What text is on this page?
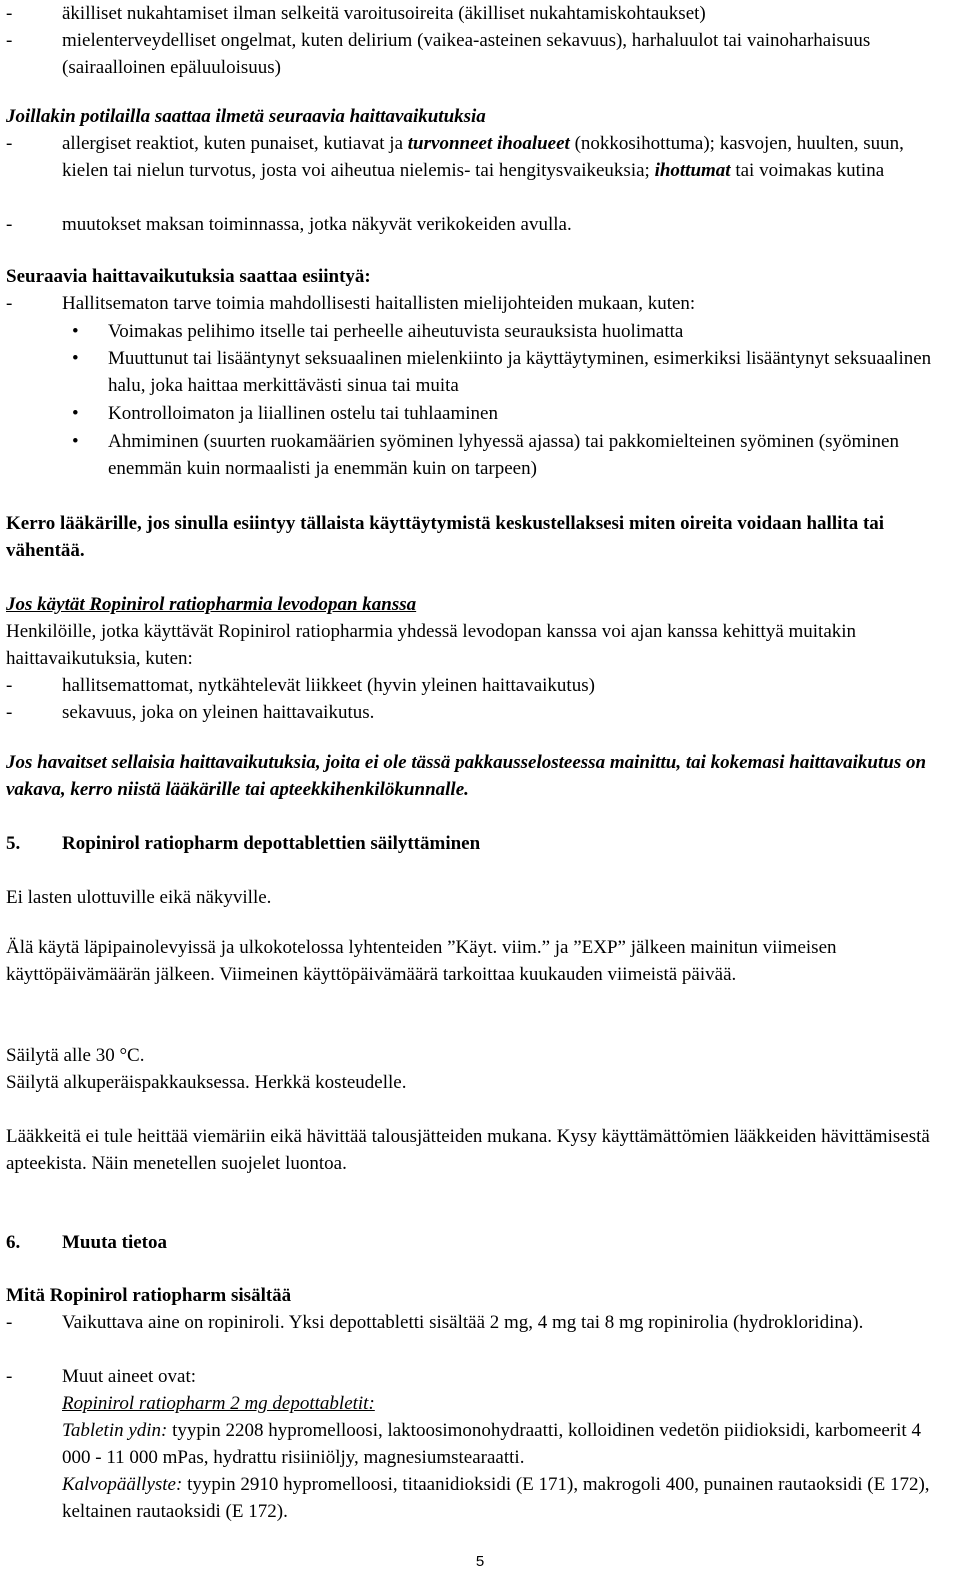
-	äkilliset nukahtamiset ilman selkeitä varoitusoireita (äkilliset nukahtamiskohtaukset)
-	mielenterveydelliset ongelmat, kuten delirium (vaikea-asteinen sekavuus), harhaluulot tai vainoharhaisuus (sairaalloinen epäluuloisuus)
Joillakin potilailla saattaa ilmetä seuraavia haittavaikutuksia
-	allergiset reaktiot, kuten punaiset, kutiavat ja turvonneet ihoalueet (nokkosihottuma); kasvojen, huulten, suun, kielen tai nielun turvotus, josta voi aiheutua nielemis- tai hengitysvaikeuksia; ihottumat tai voimakas kutina
-	muutokset maksan toiminnassa, jotka näkyvät verikokeiden avulla.
Seuraavia haittavaikutuksia saattaa esiintyä:
-	Hallitsematon tarve toimia mahdollisesti haitallisten mielijohteiden mukaan, kuten:
•	Voimakas pelihimo itselle tai perheelle aiheutuvista seurauksista huolimatta
•	Muuttunut tai lisääntynyt seksuaalinen mielenkiinto ja käyttäytyminen, esimerkiksi lisääntynyt seksuaalinen halu, joka haittaa merkittävästi sinua tai muita
•	Kontrolloimaton ja liiallinen ostelu tai tuhlaaminen
•	Ahmiminen (suurten ruokamäärien syöminen lyhyessä ajassa) tai pakkomielteinen syöminen (syöminen enemmän kuin normaalisti ja enemmän kuin on tarpeen)
Kerro lääkärille, jos sinulla esiintyy tällaista käyttäytymistä keskustellaksesi miten oireita voidaan hallita tai vähentää.
Jos käytät Ropinirol ratiopharmia levodopan kanssa
Henkilöille, jotka käyttävät Ropinirol ratiopharmia yhdessä levodopan kanssa voi ajan kanssa kehittyä muitakin haittavaikutuksia, kuten:
-	hallitsemattomat, nytkähtelevät liikkeet (hyvin yleinen haittavaikutus)
-	sekavuus, joka on yleinen haittavaikutus.
Jos havaitset sellaisia haittavaikutuksia, joita ei ole tässä pakkausselosteessa mainittu, tai kokemasi haittavaikutus on vakava, kerro niistä lääkärille tai apteekkihenkilökunnalle.
5.	Ropinirol ratiopharm depottablettien säilyttäminen
Ei lasten ulottuville eikä näkyville.
Älä käytä läpipainolevyissä ja ulkokotelossa lyhtenteiden ”Käyt. viim.” ja ”EXP” jälkeen mainitun viimeisen käyttöpäivämäärän jälkeen. Viimeinen käyttöpäivämäärä tarkoittaa kuukauden viimeistä päivää.
Säilytä alle 30 °C.
Säilytä alkuperäispakkauksessa. Herkkä kosteudelle.
Lääkkeitä ei tule heittää viemäriin eikä hävittää talousjätteiden mukana. Kysy käyttämättömien lääkkeiden hävittämisestä apteekista. Näin menetellen suojelet luontoa.
6.	Muuta tietoa
Mitä Ropinirol ratiopharm sisältää
-	Vaikuttava aine on ropiniroli. Yksi depottabletti sisältää 2 mg, 4 mg tai 8 mg ropinirolia (hydrokloridina).
-	Muut aineet ovat:
Ropinirol ratiopharm 2 mg depottabletit:
Tabletin ydin: tyypin 2208 hypromelloosi, laktoosimonohydraatti, kolloidinen vedetön piidioksidi, karbomeerit 4 000 - 11 000 mPas, hydrattu risiiniöljy, magnesiumstearaatti.
Kalvopäällyste: tyypin 2910 hypromelloosi, titaanidioksidi (E 171), makrogoli 400, punainen rautaoksidi (E 172), keltainen rautaoksidi (E 172).
5
